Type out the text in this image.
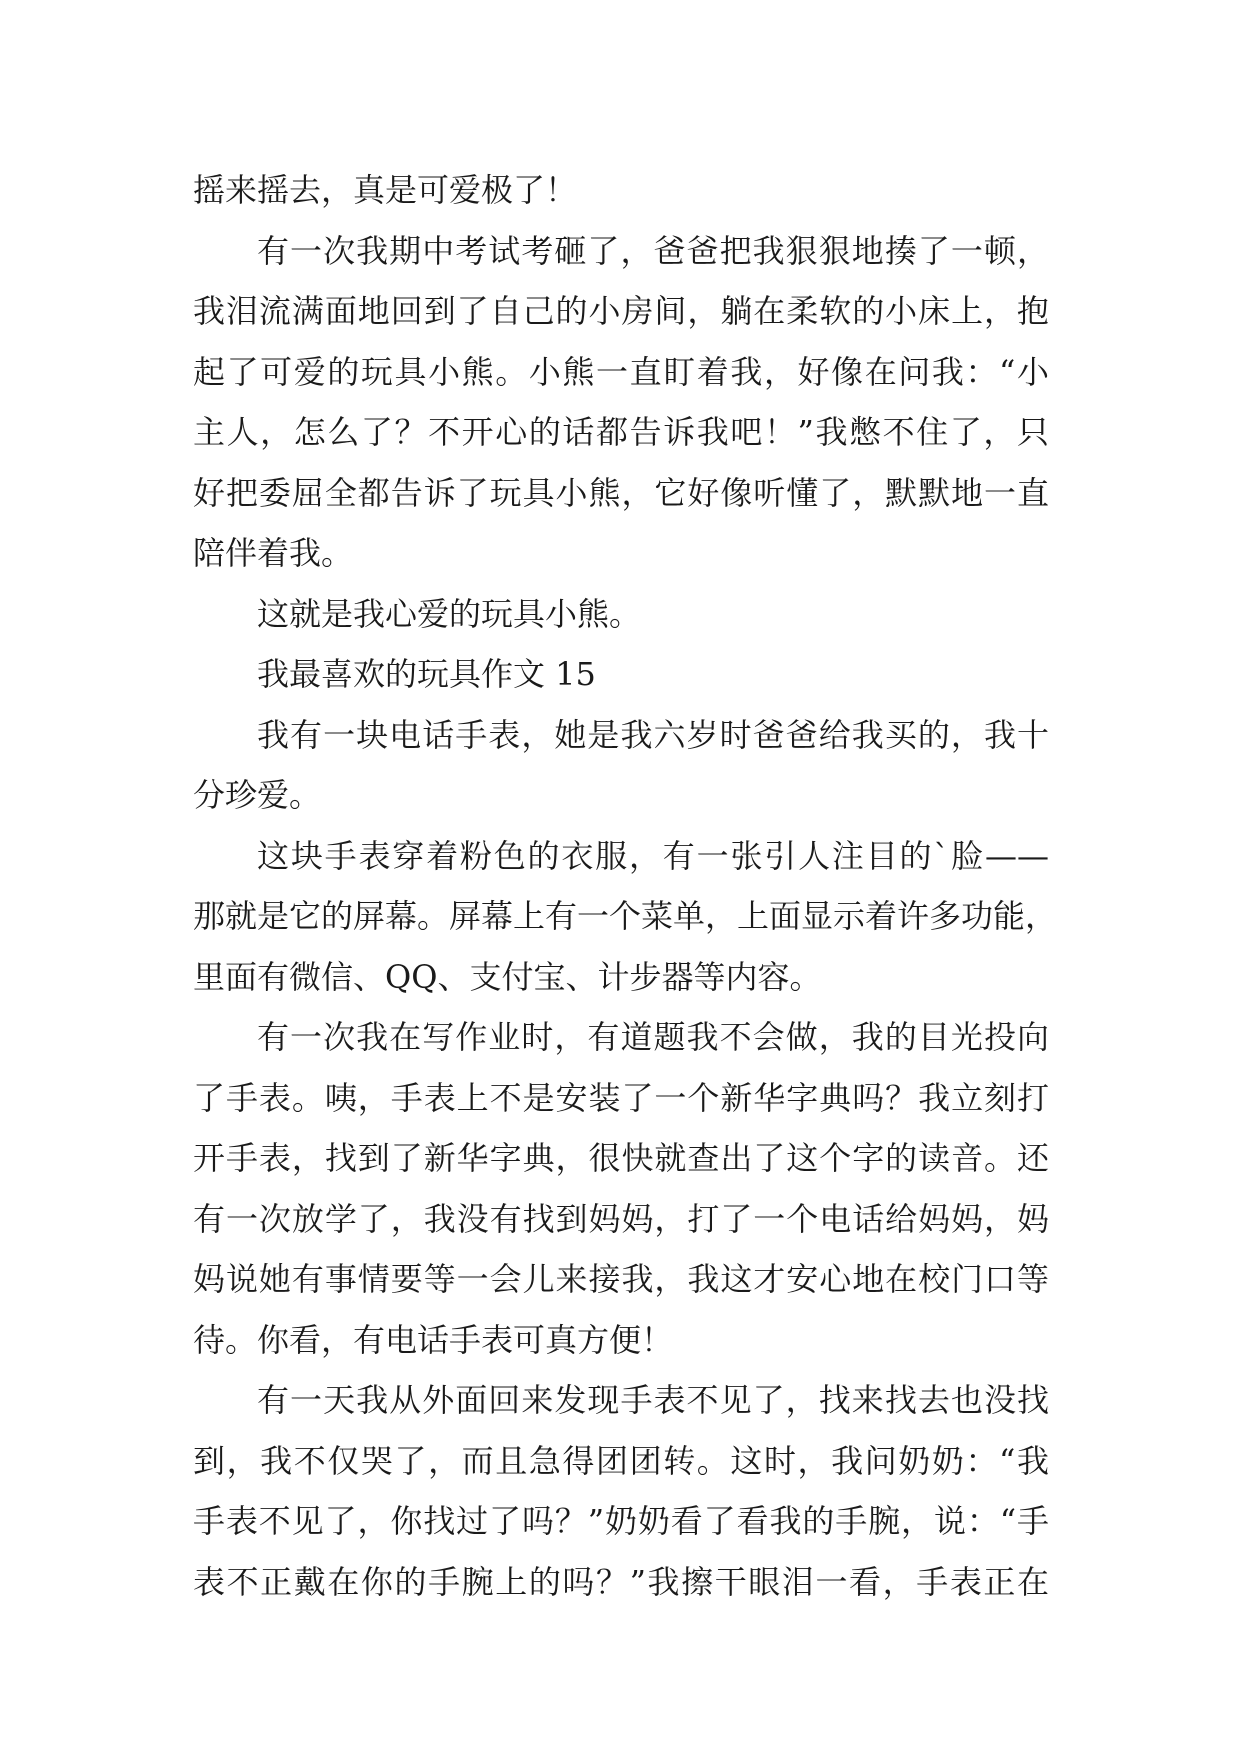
摇来摇去，真是可爱极了！
有一次我期中考试考砸了，爸爸把我狠狠地揍了一顿，
我泪流满面地回到了自己的小房间，躺在柔软的小床上，抱
起了可爱的玩具小熊。小熊一直盯着我，好像在问我：“小
主人，怎么了？不开心的话都告诉我吧！”我憋不住了，只
好把委屈全都告诉了玩具小熊，它好像听懂了，默默地一直
陪伴着我。
这就是我心爱的玩具小熊。
我最喜欢的玩具作文 15
我有一块电话手表，她是我六岁时爸爸给我买的，我十
分珍爱。
这块手表穿着粉色的衣服，有一张引人注目的`脸——
那就是它的屏幕。屏幕上有一个菜单，上面显示着许多功能，
里面有微信、QQ、支付宝、计步器等内容。
有一次我在写作业时，有道题我不会做，我的目光投向
了手表。咦，手表上不是安装了一个新华字典吗？我立刻打
开手表，找到了新华字典，很快就查出了这个字的读音。还
有一次放学了，我没有找到妈妈，打了一个电话给妈妈，妈
妈说她有事情要等一会儿来接我，我这才安心地在校门口等
待。你看，有电话手表可真方便！
有一天我从外面回来发现手表不见了，找来找去也没找
到，我不仅哭了，而且急得团团转。这时，我问奶奶：“我
手表不见了，你找过了吗？”奶奶看了看我的手腕，说：“手
表不正戴在你的手腕上的吗？”我擦干眼泪一看，手表正在
